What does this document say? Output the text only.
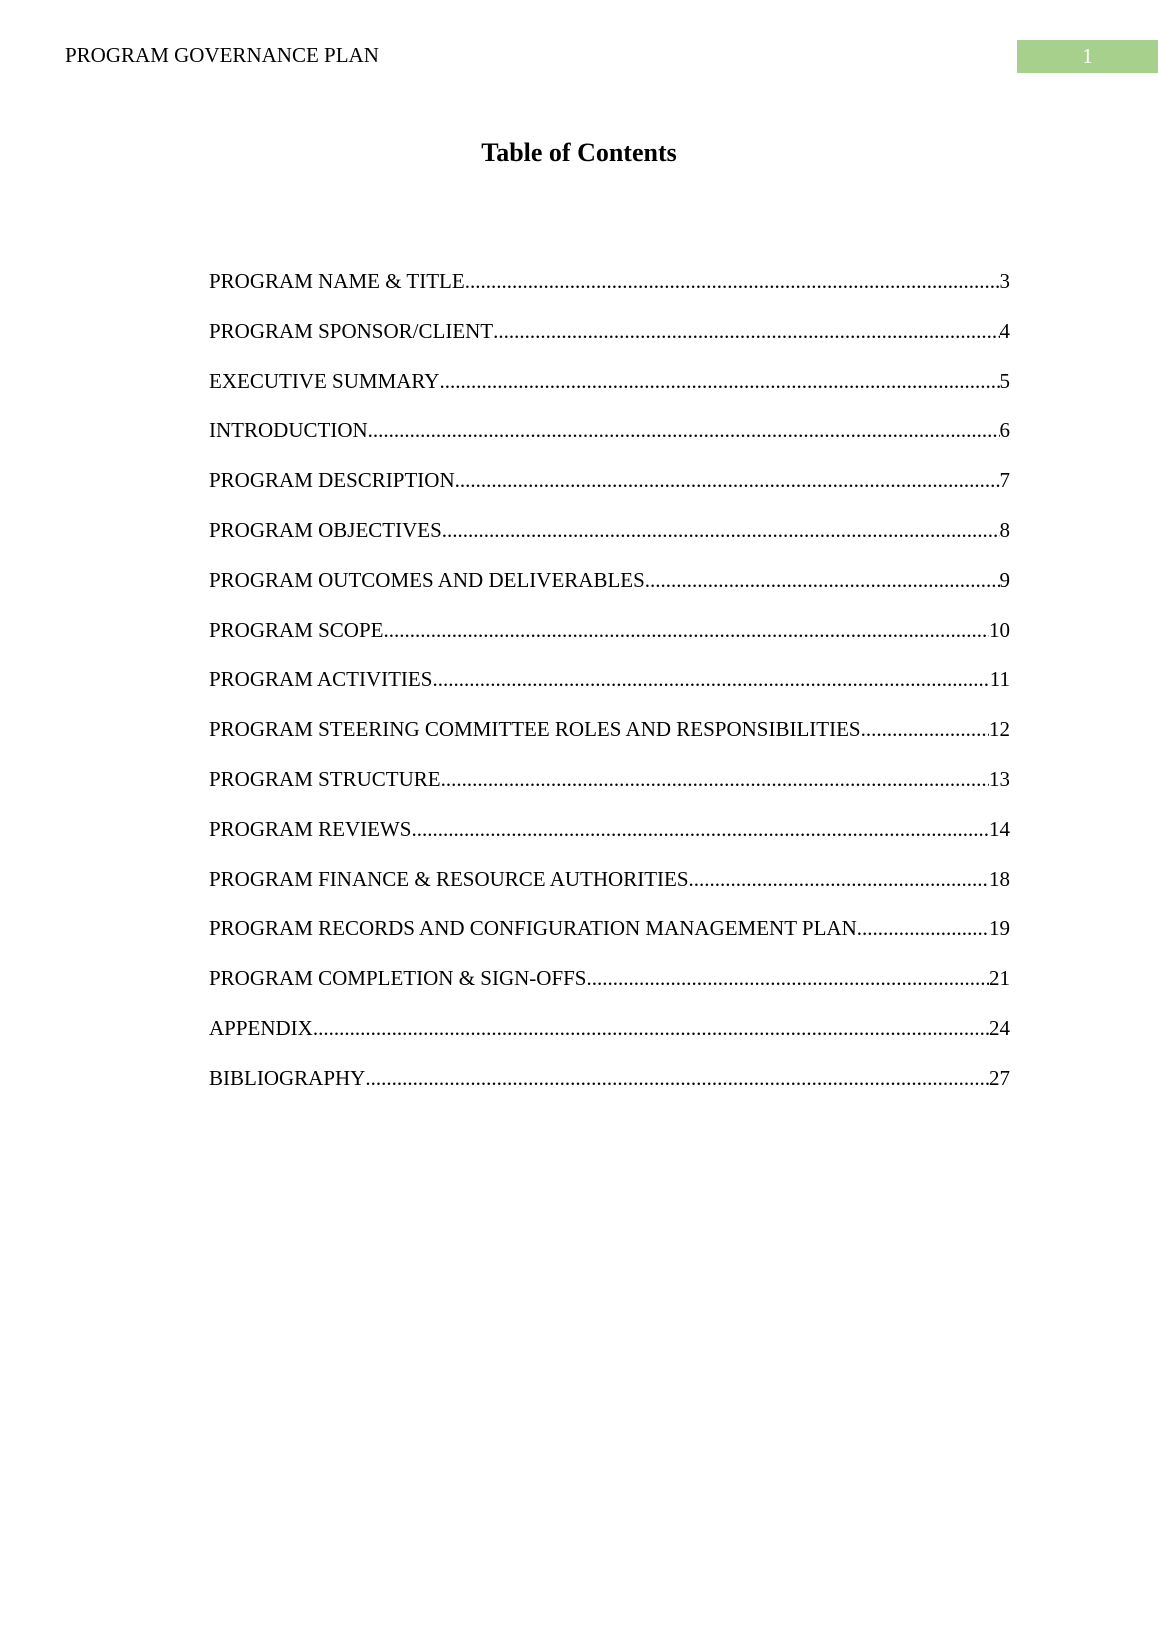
PROGRAM GOVERNANCE PLAN	1
Table of Contents
PROGRAM NAME & TITLE .....	3
PROGRAM SPONSOR/CLIENT .....	4
EXECUTIVE SUMMARY .....	5
INTRODUCTION .....	6
PROGRAM DESCRIPTION .....	7
PROGRAM OBJECTIVES .....	8
PROGRAM OUTCOMES AND DELIVERABLES .....	9
PROGRAM SCOPE .....	10
PROGRAM ACTIVITIES .....	11
PROGRAM STEERING COMMITTEE ROLES AND RESPONSIBILITIES .....	12
PROGRAM STRUCTURE .....	13
PROGRAM REVIEWS .....	14
PROGRAM FINANCE & RESOURCE AUTHORITIES .....	18
PROGRAM RECORDS AND CONFIGURATION MANAGEMENT PLAN .....	19
PROGRAM COMPLETION & SIGN-OFFS .....	21
APPENDIX .....	24
BIBLIOGRAPHY .....	27
